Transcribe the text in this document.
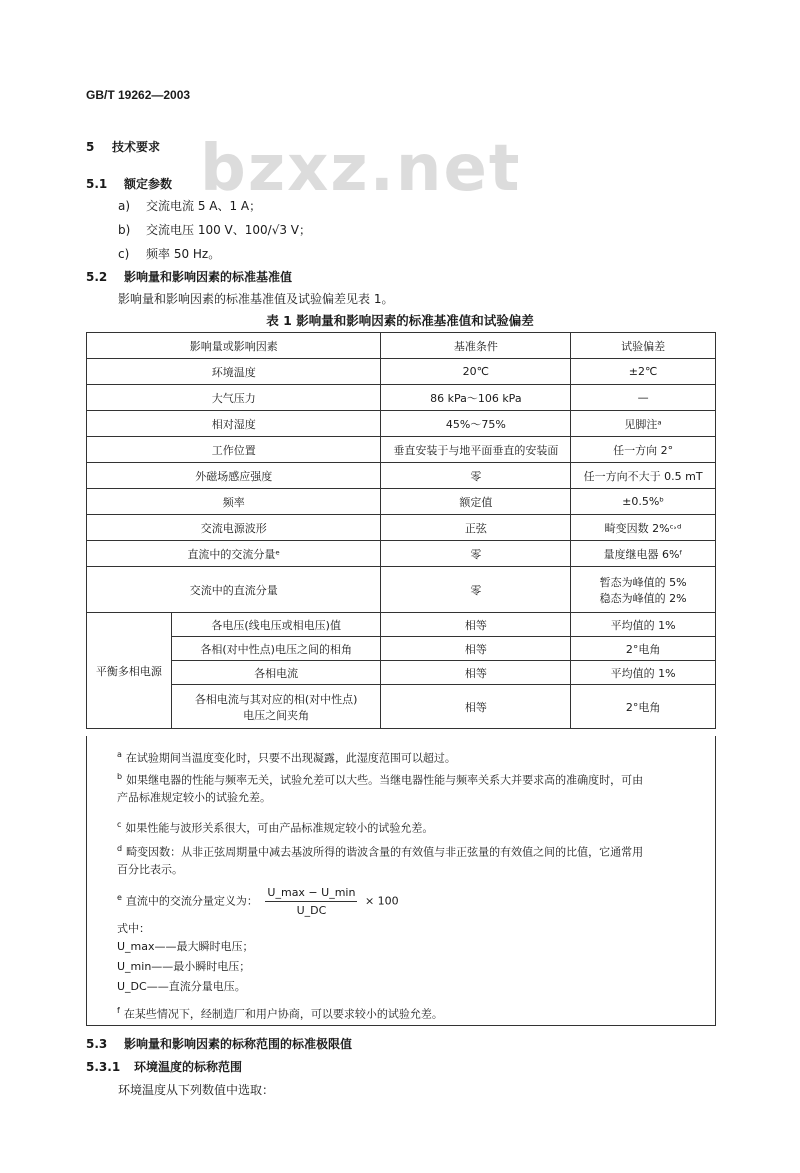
GB/T 19262—2003
bzxz.net
5 技术要求
5.1 额定参数
a) 交流电流 5 A、1 A；
b) 交流电压 100 V、100/√3 V；
c) 频率 50 Hz。
5.2 影响量和影响因素的标准基准值
影响量和影响因素的标准基准值及试验偏差见表 1。
表 1 影响量和影响因素的标准基准值和试验偏差
影响量或影响因素		基准条件	试验偏差
环境温度		20℃	±2℃
大气压力		86 kPa～106 kPa	—
相对湿度		45%～75%	见脚注ᵃ
工作位置		垂直安装于与地平面垂直的安装面	任一方向 2°
外磁场感应强度		零	任一方向不大于 0.5 mT
频率		额定值	±0.5%ᵇ
交流电源波形		正弦	畸变因数 2%ᶜ˒ᵈ
直流中的交流分量ᵉ		零	量度继电器 6%ᶠ
交流中的直流分量		零	暂态为峰值的 5%
稳态为峰值的 2%

平衡多相电源	各电压(线电压或相电压)值	相等	平均值的 1%
	各相(对中性点)电压之间的相角	相等	2°电角
	各相电流	相等	平均值的 1%

	各相电流与其对应的相(对中性点)
电压之间夹角	相等	2°电角
$^a$ 在试验期间当温度变化时，只要不出现凝露，此湿度范围可以超过。
$^b$ 如果继电器的性能与频率无关，试验允差可以大些。当继电器性能与频率关系大并要求高的准确度时，可由
产品标准规定较小的试验允差。
$^c$ 如果性能与波形关系很大，可由产品标准规定较小的试验允差。
$^d$ 畸变因数：从非正弦周期量中减去基波所得的谐波含量的有效值与非正弦量的有效值之间的比值，它通常用
百分比表示。
$^e$ 直流中的交流分量定义为：
U_max − U_min
U_DC
× 100
式中：
U_max——最大瞬时电压；
U_min——最小瞬时电压；
U_DC——直流分量电压。
$^f$ 在某些情况下，经制造厂和用户协商，可以要求较小的试验允差。
5.3 影响量和影响因素的标称范围的标准极限值
5.3.1 环境温度的标称范围
环境温度从下列数值中选取：
